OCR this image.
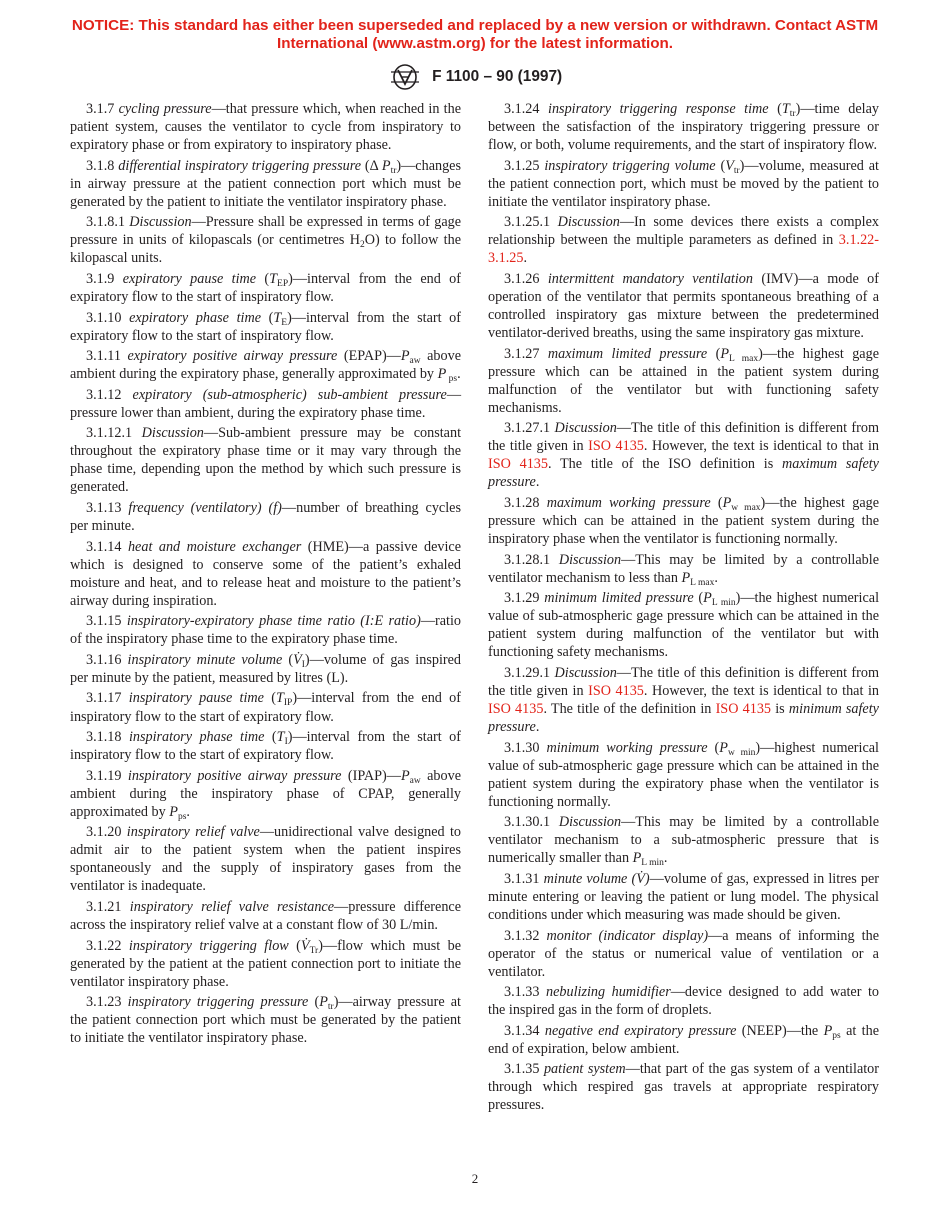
NOTICE: This standard has either been superseded and replaced by a new version or withdrawn. Contact ASTM International (www.astm.org) for the latest information.
F 1100 – 90 (1997)

3.1.7 cycling pressure—that pressure which, when reached in the patient system, causes the ventilator to cycle from inspiratory to expiratory phase or from expiratory to inspiratory phase.

3.1.8 differential inspiratory triggering pressure (Δ $P_{tr})—changes$ in airway pressure at the patient connection port which must be generated by the patient to initiate the ventilator inspiratory phase.

3.1.8.1 Discussion—Pressure shall be expressed in terms of gage pressure in units of kilopascals (or centimetres $H_2O$) to follow the kilopascal units.

3.1.9 expiratory pause time $(T_{EP})—interval$ from the end of expiratory flow to the start of inspiratory flow.

3.1.10 expiratory phase time $(T_E)—interval$ from the start of expiratory flow to the start of inspiratory flow.

3.1.11 expiratory positive airway pressure $(EPAP)—P_{aw}$ above ambient during the expiratory phase, generally approximated by P $_{ps}$.

3.1.12 expiratory (sub-atmospheric) sub-ambient pressure—pressure lower than ambient, during the expiratory phase time.

3.1.12.1 Discussion—Sub-ambient pressure may be constant throughout the expiratory phase time or it may vary through the phase time, depending upon the method by which such pressure is generated.

3.1.13 frequency (ventilatory) (f)—number of breathing cycles per minute.

3.1.14 heat and moisture exchanger (HME)—a passive device which is designed to conserve some of the patient’s exhaled moisture and heat, and to release heat and moisture to the patient’s airway during inspiration.

3.1.15 inspiratory-expiratory phase time ratio (I:E ratio)—ratio of the inspiratory phase time to the expiratory phase time.

3.1.16 inspiratory minute volume $(V̇_I)—volume$ of gas inspired per minute by the patient, measured by litres (L).

3.1.17 inspiratory pause time $(T_{IP})—interval$ from the end of inspiratory flow to the start of expiratory flow.

3.1.18 inspiratory phase time $(T_I)—interval$ from the start of inspiratory flow to the start of expiratory flow.

3.1.19 inspiratory positive airway pressure $(IPAP)—P_{aw}$ above ambient during the inspiratory phase of CPAP, generally approximated by $P_{ps}$.

3.1.20 inspiratory relief valve—unidirectional valve designed to admit air to the patient system when the patient inspires spontaneously and the supply of inspiratory gases from the ventilator is inadequate.

3.1.21 inspiratory relief valve resistance—pressure difference across the inspiratory relief valve at a constant flow of 30 L/min.

3.1.22 inspiratory triggering flow $(V̇_{Tr})—flow$ which must be generated by the patient at the patient connection port to initiate the ventilator inspiratory phase.

3.1.23 inspiratory triggering pressure $(P_{tr})—airway$ pressure at the patient connection port which must be generated by the patient to initiate the ventilator inspiratory phase.

3.1.24 inspiratory triggering response time $(T_{tr})—time$ delay between the satisfaction of the inspiratory triggering pressure or flow, or both, volume requirements, and the start of inspiratory flow.

3.1.25 inspiratory triggering volume $(V_{tr})—volume$, measured at the patient connection port, which must be moved by the patient to initiate the ventilator inspiratory phase.

3.1.25.1 Discussion—In some devices there exists a complex relationship between the multiple parameters as defined in 3.1.22-3.1.25.

3.1.26 intermittent mandatory ventilation (IMV)—a mode of operation of the ventilator that permits spontaneous breathing of a controlled inspiratory gas mixture between the predetermined ventilator-derived breaths, using the same inspiratory gas mixture.

3.1.27 maximum limited pressure $(P_{L max})—the$ highest gage pressure which can be attained in the patient system during malfunction of the ventilator but with functioning safety mechanisms.

3.1.27.1 Discussion—The title of this definition is different from the title given in ISO 4135. However, the text is identical to that in ISO 4135. The title of the ISO definition is maximum safety pressure.

3.1.28 maximum working pressure $(P_{w max})—the$ highest gage pressure which can be attained in the patient system during the inspiratory phase when the ventilator is functioning normally.

3.1.28.1 Discussion—This may be limited by a controllable ventilator mechanism to less than $P_{L max}$.

3.1.29 minimum limited pressure $(P_{L min})—the$ highest numerical value of sub-atmospheric gage pressure which can be attained in the patient system during malfunction of the ventilator but with functioning safety mechanisms.

3.1.29.1 Discussion—The title of this definition is different from the title given in ISO 4135. However, the text is identical to that in ISO 4135. The title of the definition in ISO 4135 is minimum safety pressure.

3.1.30 minimum working pressure $(P_{w min})—highest$ numerical value of sub-atmospheric gage pressure which can be attained in the patient system during the expiratory phase when the ventilator is functioning normally.

3.1.30.1 Discussion—This may be limited by a controllable ventilator mechanism to a sub-atmospheric pressure that is numerically smaller than $P_{L min}$.

3.1.31 minute volume (V̇)—volume of gas, expressed in litres per minute entering or leaving the patient or lung model. The physical conditions under which measuring was made should be given.

3.1.32 monitor (indicator display)—a means of informing the operator of the status or numerical value of ventilation or a ventilator.

3.1.33 nebulizing humidifier—device designed to add water to the inspired gas in the form of droplets.

3.1.34 negative end expiratory pressure (NEEP)—the $P_{ps}$ at the end of expiration, below ambient.

3.1.35 patient system—that part of the gas system of a ventilator through which respired gas travels at appropriate respiratory pressures.

2
